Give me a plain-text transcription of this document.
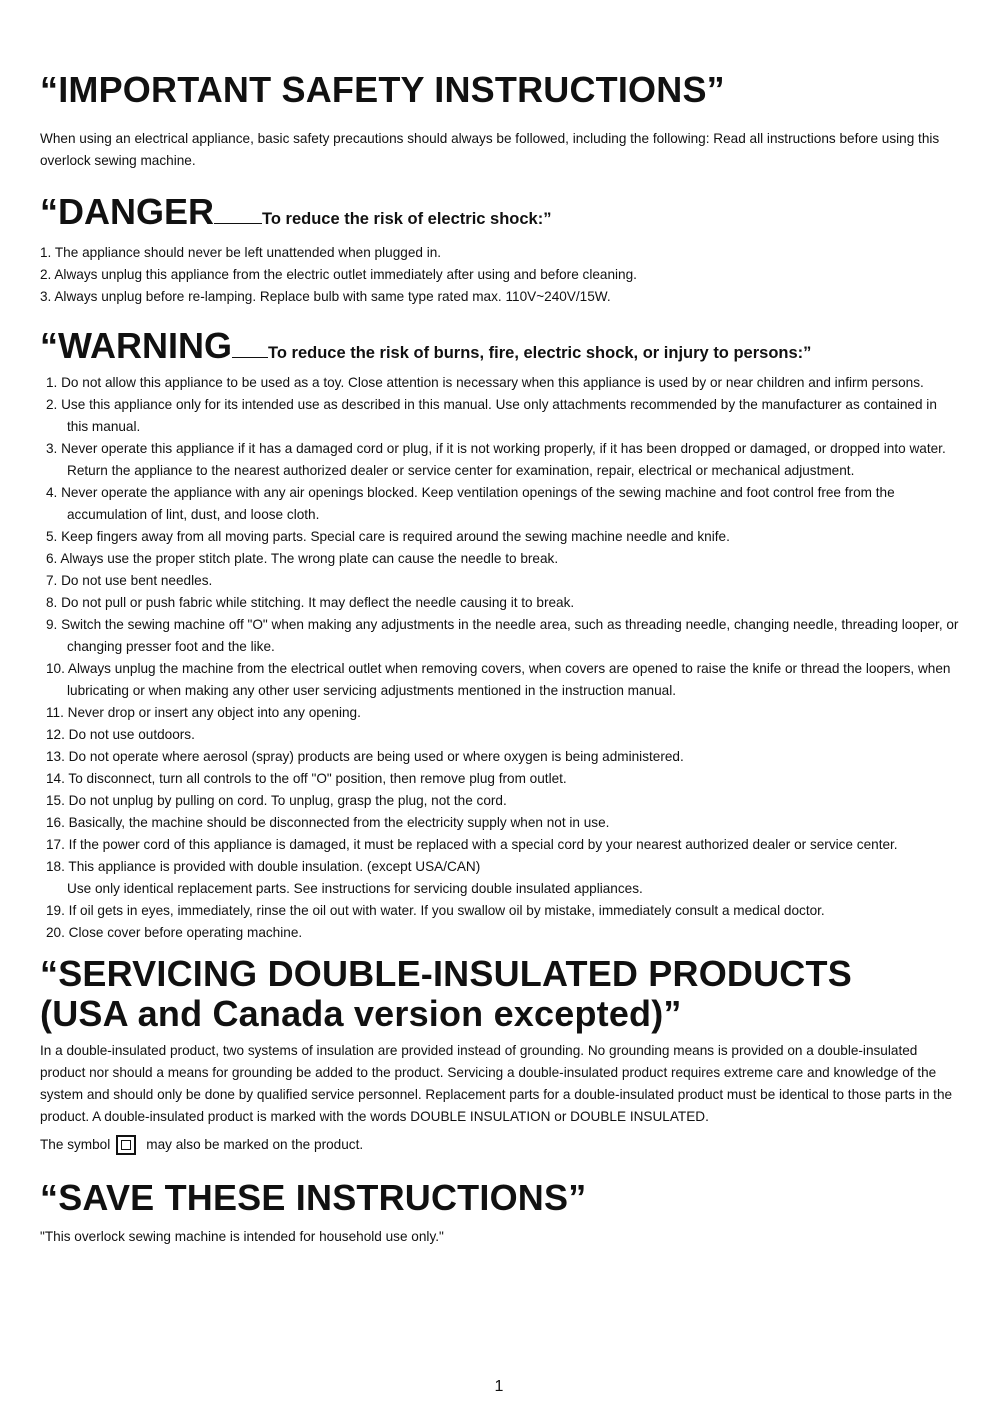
“IMPORTANT SAFETY INSTRUCTIONS”

When using an electrical appliance, basic safety precautions should always be followed, including the following: Read all instructions before using this overlock sewing machine.

“DANGER	To reduce the risk of electric shock:”
1. The appliance should never be left unattended when plugged in.
2. Always unplug this appliance from the electric outlet immediately after using and before cleaning.
3. Always unplug before re-lamping. Replace bulb with same type rated max. 110V~240V/15W.
“WARNING To reduce the risk of burns, fire, electric shock, or injury to persons:”
1. Do not allow this appliance to be used as a toy. Close attention is necessary when this appliance is used by or near children and infirm persons.
2. Use this appliance only for its intended use as described in this manual. Use only attachments recommended by the manufacturer as contained in this manual.
3. Never operate this appliance if it has a damaged cord or plug, if it is not working properly, if it has been dropped or damaged, or dropped into water. Return the appliance to the nearest authorized dealer or service center for examination, repair, electrical or mechanical adjustment.
4. Never operate the appliance with any air openings blocked. Keep ventilation openings of the sewing machine and foot control free from the accumulation of lint, dust, and loose cloth.
5. Keep fingers away from all moving parts. Special care is required around the sewing machine needle and knife.
6. Always use the proper stitch plate. The wrong plate can cause the needle to break.
7. Do not use bent needles.
8. Do not pull or push fabric while stitching. It may deflect the needle causing it to break.
9. Switch the sewing machine off "O" when making any adjustments in the needle area, such as threading needle, changing needle, threading looper, or changing presser foot and the like.
10. Always unplug the machine from the electrical outlet when removing covers, when covers are opened to raise the knife or thread the loopers, when lubricating or when making any other user servicing adjustments mentioned in the instruction manual.
11. Never drop or insert any object into any opening.
12. Do not use outdoors.
13. Do not operate where aerosol (spray) products are being used or where oxygen is being administered.
14. To disconnect, turn all controls to the off "O" position, then remove plug from outlet.
15. Do not unplug by pulling on cord. To unplug, grasp the plug, not the cord.
16. Basically, the machine should be disconnected from the electricity supply when not in use.
17. If the power cord of this appliance is damaged, it must be replaced with a special cord by your nearest authorized dealer or service center.
18. This appliance is provided with double insulation. (except USA/CAN)
Use only identical replacement parts. See instructions for servicing double insulated appliances.
19. If oil gets in eyes, immediately, rinse the oil out with water. If you swallow oil by mistake, immediately consult a medical doctor.
20. Close cover before operating machine.
“SERVICING DOUBLE-INSULATED PRODUCTS
(USA and Canada version excepted)”

In a double-insulated product, two systems of insulation are provided instead of grounding. No grounding means is provided on a double-insulated product nor should a means for grounding be added to the product. Servicing a double-insulated product requires extreme care and knowledge of the system and should only be done by qualified service personnel. Replacement parts for a double-insulated product must be identical to those parts in the product. A double-insulated product is marked with the words DOUBLE INSULATION or DOUBLE INSULATED.

The symbol	may also be marked on the product.
“SAVE THESE INSTRUCTIONS”

"This overlock sewing machine is intended for household use only."

1
